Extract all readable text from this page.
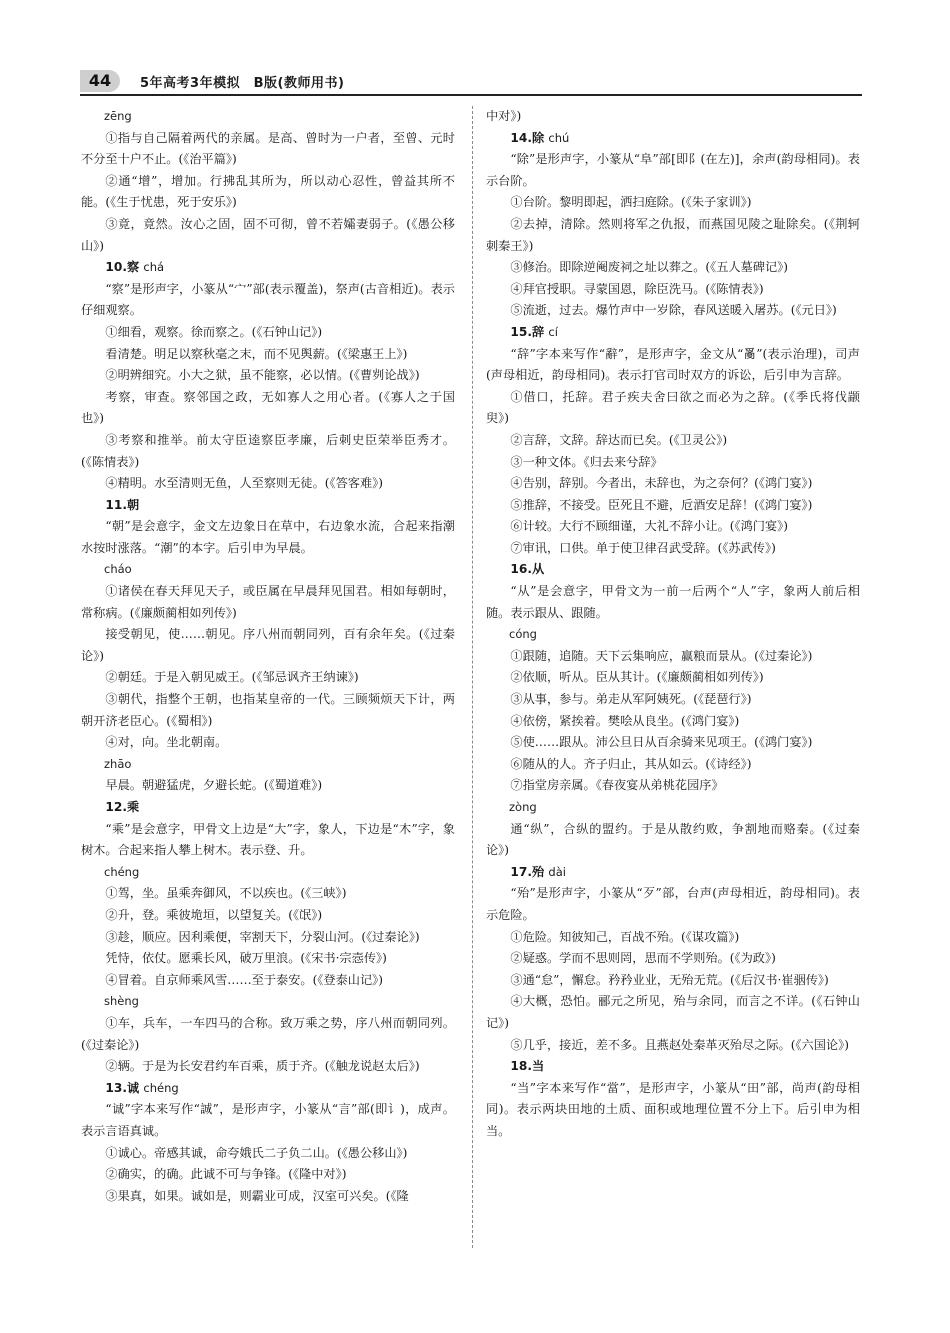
44	5年高考3年模拟　B版(教师用书)
zēng
①指与自己隔着两代的亲属。是高、曾时为一户者，至曾、元时不分至十户不止。(《治平篇》)
②通“增”，增加。行拂乱其所为，所以动心忍性，曾益其所不能。(《生于忧患，死于安乐》)
③竟，竟然。汝心之固，固不可彻，曾不若孀妻弱子。(《愚公移山》)
10.察 chá
“察”是形声字，小篆从“宀”部(表示覆盖)，祭声(古音相近)。表示仔细观察。
①细看，观察。徐而察之。(《石钟山记》)
看清楚。明足以察秋毫之末，而不见舆薪。(《梁惠王上》)
②明辨细究。小大之狱，虽不能察，必以情。(《曹刿论战》)
考察，审查。察邻国之政，无如寡人之用心者。(《寡人之于国也》)
③考察和推举。前太守臣逵察臣孝廉，后刺史臣荣举臣秀才。(《陈情表》)
④精明。水至清则无鱼，人至察则无徒。(《答客难》)
11.朝
“朝”是会意字，金文左边象日在草中，右边象水流，合起来指潮水按时涨落。“潮”的本字。后引申为早晨。
cháo
①诸侯在春天拜见天子，或臣属在早晨拜见国君。相如每朝时，常称病。(《廉颇蔺相如列传》)
接受朝见，使……朝见。序八州而朝同列，百有余年矣。(《过秦论》)
②朝廷。于是入朝见威王。(《邹忌讽齐王纳谏》)
③朝代，指整个王朝，也指某皇帝的一代。三顾频烦天下计，两朝开济老臣心。(《蜀相》)
④对，向。坐北朝南。
zhāo
早晨。朝避猛虎，夕避长蛇。(《蜀道难》)
12.乘
“乘”是会意字，甲骨文上边是“大”字，象人，下边是“木”字，象树木。合起来指人攀上树木。表示登、升。
chéng
①驾，坐。虽乘奔御风，不以疾也。(《三峡》)
②升，登。乘彼垝垣，以望复关。(《氓》)
③趁，顺应。因利乘便，宰割天下，分裂山河。(《过秦论》)
凭恃，依仗。愿乘长风，破万里浪。(《宋书·宗悫传》)
④冒着。自京师乘风雪……至于泰安。(《登泰山记》)
shèng
①车，兵车，一车四马的合称。致万乘之势，序八州而朝同列。(《过秦论》)
②辆。于是为长安君约车百乘，质于齐。(《触龙说赵太后》)
13.诚 chéng
“诚”字本来写作“誠”，是形声字，小篆从“言”部(即讠)，成声。表示言语真诚。
①诚心。帝感其诚，命夸娥氏二子负二山。(《愚公移山》)
②确实，的确。此诚不可与争锋。(《隆中对》)
③果真，如果。诚如是，则霸业可成，汉室可兴矣。(《隆
中对》)
14.除 chú
“除”是形声字，小篆从“阜”部[即阝(在左)]，余声(韵母相同)。表示台阶。
①台阶。黎明即起，洒扫庭除。(《朱子家训》)
②去掉，清除。然则将军之仇报，而燕国见陵之耻除矣。(《荆轲刺秦王》)
③修治。即除逆阉废祠之址以葬之。(《五人墓碑记》)
④拜官授职。寻蒙国恩，除臣洗马。(《陈情表》)
⑤流逝，过去。爆竹声中一岁除，春风送暖入屠苏。(《元日》)
15.辞 cí
“辞”字本来写作“辭”，是形声字，金文从“𤔔”(表示治理)，司声(声母相近，韵母相同)。表示打官司时双方的诉讼，后引申为言辞。
①借口，托辞。君子疾夫舍曰欲之而必为之辞。(《季氏将伐颛臾》)
②言辞，文辞。辞达而已矣。(《卫灵公》)
③一种文体。《归去来兮辞》
④告别，辞别。今者出，未辞也，为之奈何？(《鸿门宴》)
⑤推辞，不接受。臣死且不避，卮酒安足辞！(《鸿门宴》)
⑥计较。大行不顾细谨，大礼不辞小让。(《鸿门宴》)
⑦审讯，口供。单于使卫律召武受辞。(《苏武传》)
16.从
“从”是会意字，甲骨文为一前一后两个“人”字，象两人前后相随。表示跟从、跟随。
cóng
①跟随，追随。天下云集响应，赢粮而景从。(《过秦论》)
②依顺，听从。臣从其计。(《廉颇蔺相如列传》)
③从事，参与。弟走从军阿姨死。(《琵琶行》)
④依傍，紧挨着。樊哙从良坐。(《鸿门宴》)
⑤使……跟从。沛公旦日从百余骑来见项王。(《鸿门宴》)
⑥随从的人。齐子归止，其从如云。(《诗经》)
⑦指堂房亲属。《春夜宴从弟桃花园序》
zòng
通“纵”，合纵的盟约。于是从散约败，争割地而赂秦。(《过秦论》)
17.殆 dài
“殆”是形声字，小篆从“歹”部，台声(声母相近，韵母相同)。表示危险。
①危险。知彼知己，百战不殆。(《谋攻篇》)
②疑惑。学而不思则罔，思而不学则殆。(《为政》)
③通“怠”，懈怠。矜矜业业，无殆无荒。(《后汉书·崔骃传》)
④大概，恐怕。郦元之所见，殆与余同，而言之不详。(《石钟山记》)
⑤几乎，接近，差不多。且燕赵处秦革灭殆尽之际。(《六国论》)
18.当
“当”字本来写作“當”，是形声字，小篆从“田”部，尚声(韵母相同)。表示两块田地的土质、面积或地理位置不分上下。后引申为相当。
